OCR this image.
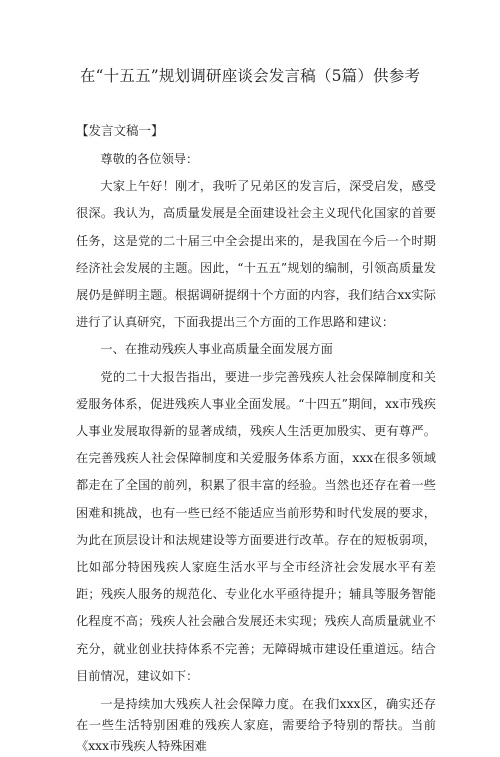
在“十五五”规划调研座谈会发言稿（5篇）供参考
【发言文稿一】

尊敬的各位领导：

大家上午好！刚才，我听了兄弟区的发言后，深受启发，感受很深。我认为，高质量发展是全面建设社会主义现代化国家的首要任务，这是党的二十届三中全会提出来的，是我国在今后一个时期经济社会发展的主题。因此，“十五五”规划的编制，引领高质量发展仍是鲜明主题。根据调研提纲十个方面的内容，我们结合xx实际进行了认真研究，下面我提出三个方面的工作思路和建议：

一、在推动残疾人事业高质量全面发展方面

党的二十大报告指出，要进一步完善残疾人社会保障制度和关爱服务体系，促进残疾人事业全面发展。“十四五”期间，xx市残疾人事业发展取得新的显著成绩，残疾人生活更加殷实、更有尊严。在完善残疾人社会保障制度和关爱服务体系方面，xxx在很多领域都走在了全国的前列，积累了很丰富的经验。当然也还存在着一些困难和挑战，也有一些已经不能适应当前形势和时代发展的要求，为此在顶层设计和法规建设等方面要进行改革。存在的短板弱项，比如部分特困残疾人家庭生活水平与全市经济社会发展水平有差距；残疾人服务的规范化、专业化水平亟待提升；辅具等服务智能化程度不高；残疾人社会融合发展还未实现；残疾人高质量就业不充分，就业创业扶持体系不完善；无障碍城市建设任重道远。结合目前情况，建议如下：

一是持续加大残疾人社会保障力度。在我们xxx区，确实还存在一些生活特别困难的残疾人家庭，需要给予特别的帮扶。当前《xxx市残疾人特殊困难
